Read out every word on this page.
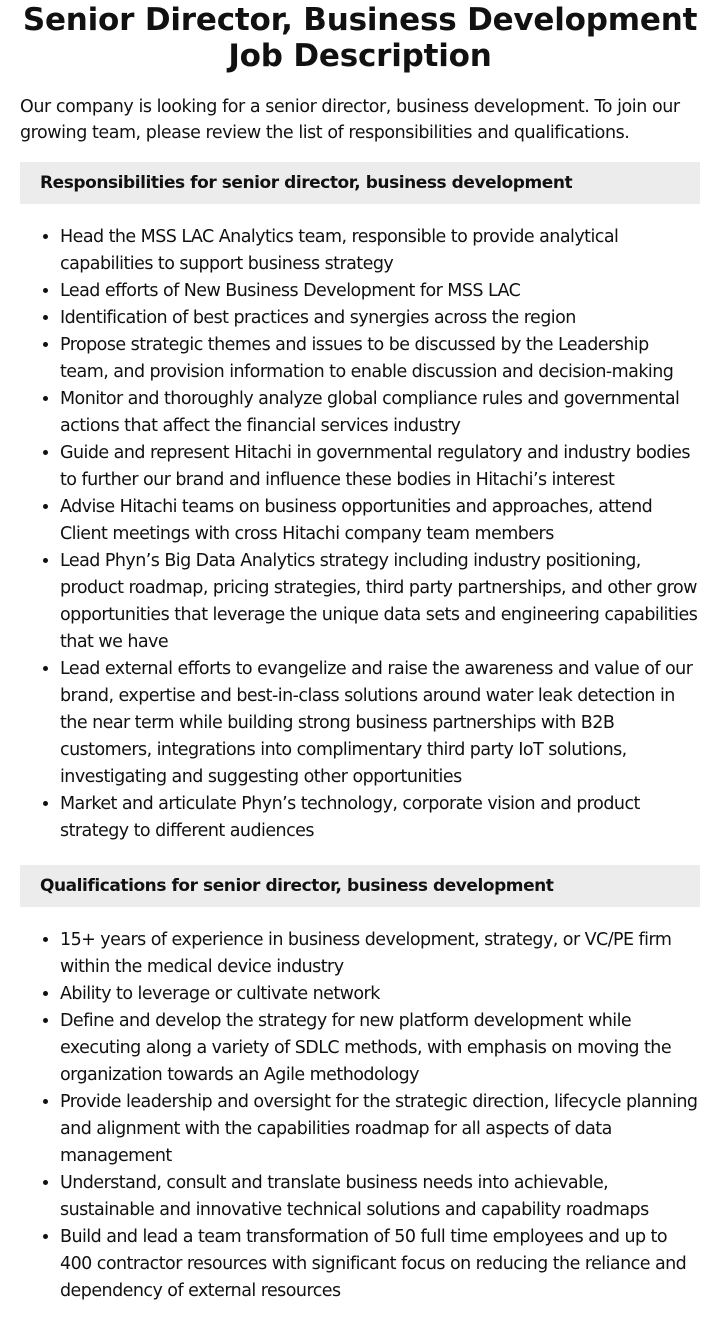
Senior Director, Business Development Job Description

Our company is looking for a senior director, business development. To join our growing team, please review the list of responsibilities and qualifications.

Responsibilities for senior director, business development
• Head the MSS LAC Analytics team, responsible to provide analytical capabilities to support business strategy
• Lead efforts of New Business Development for MSS LAC
• Identification of best practices and synergies across the region
• Propose strategic themes and issues to be discussed by the Leadership team, and provision information to enable discussion and decision-making
• Monitor and thoroughly analyze global compliance rules and governmental actions that affect the financial services industry
• Guide and represent Hitachi in governmental regulatory and industry bodies to further our brand and influence these bodies in Hitachi’s interest
• Advise Hitachi teams on business opportunities and approaches, attend Client meetings with cross Hitachi company team members
• Lead Phyn’s Big Data Analytics strategy including industry positioning, product roadmap, pricing strategies, third party partnerships, and other grow opportunities that leverage the unique data sets and engineering capabilities that we have
• Lead external efforts to evangelize and raise the awareness and value of our brand, expertise and best-in-class solutions around water leak detection in the near term while building strong business partnerships with B2B customers, integrations into complimentary third party IoT solutions, investigating and suggesting other opportunities
• Market and articulate Phyn’s technology, corporate vision and product strategy to different audiences
Qualifications for senior director, business development
• 15+ years of experience in business development, strategy, or VC/PE firm within the medical device industry
• Ability to leverage or cultivate network
• Define and develop the strategy for new platform development while executing along a variety of SDLC methods, with emphasis on moving the organization towards an Agile methodology
• Provide leadership and oversight for the strategic direction, lifecycle planning and alignment with the capabilities roadmap for all aspects of data management
• Understand, consult and translate business needs into achievable, sustainable and innovative technical solutions and capability roadmaps
• Build and lead a team transformation of 50 full time employees and up to 400 contractor resources with significant focus on reducing the reliance and dependency of external resources
